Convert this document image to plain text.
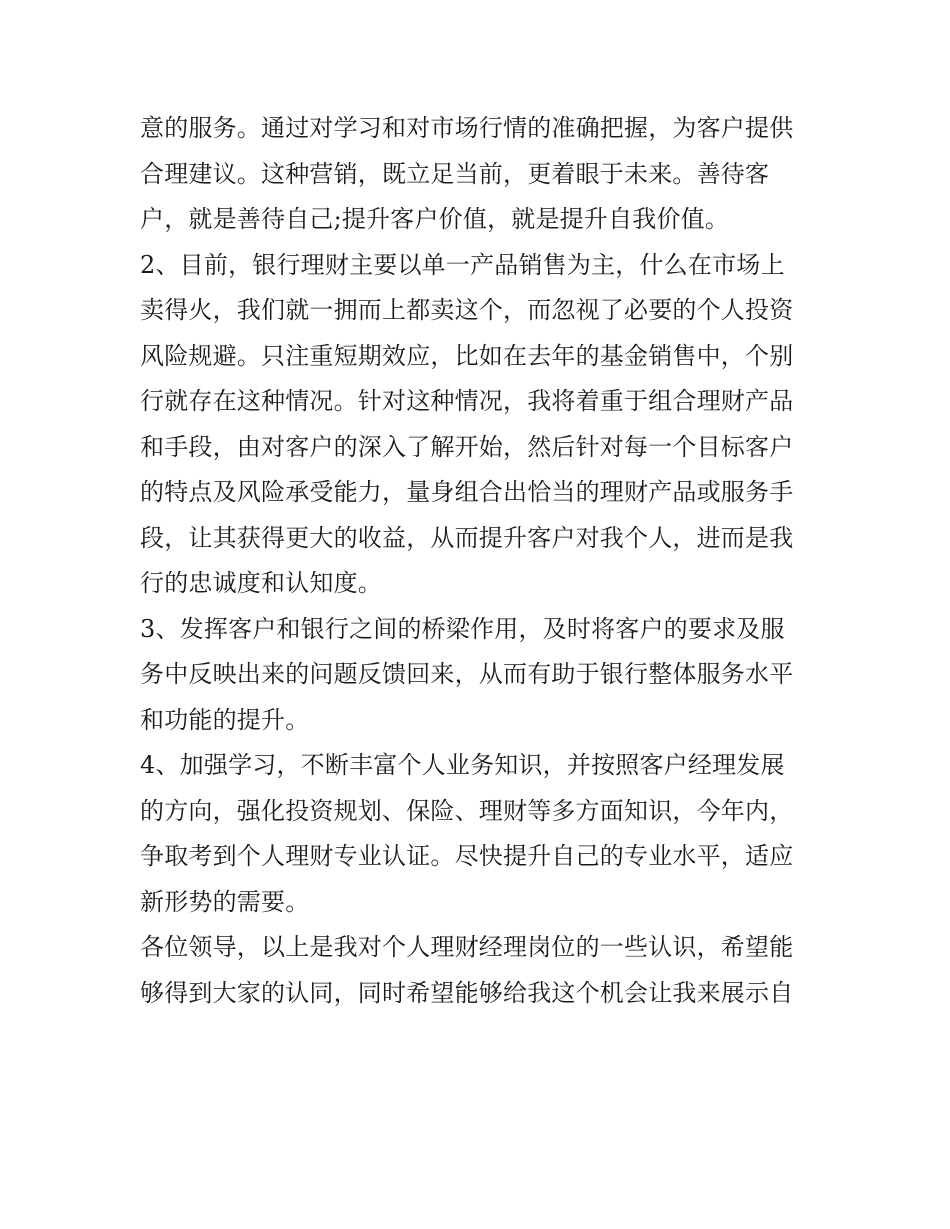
意的服务。通过对学习和对市场行情的准确把握，为客户提供
合理建议。这种营销，既立足当前，更着眼于未来。善待客
户，就是善待自己;提升客户价值，就是提升自我价值。
2、目前，银行理财主要以单一产品销售为主，什么在市场上
卖得火，我们就一拥而上都卖这个，而忽视了必要的个人投资
风险规避。只注重短期效应，比如在去年的基金销售中，个别
行就存在这种情况。针对这种情况，我将着重于组合理财产品
和手段，由对客户的深入了解开始，然后针对每一个目标客户
的特点及风险承受能力，量身组合出恰当的理财产品或服务手
段，让其获得更大的收益，从而提升客户对我个人，进而是我
行的忠诚度和认知度。
3、发挥客户和银行之间的桥梁作用，及时将客户的要求及服
务中反映出来的问题反馈回来，从而有助于银行整体服务水平
和功能的提升。
4、加强学习，不断丰富个人业务知识，并按照客户经理发展
的方向，强化投资规划、保险、理财等多方面知识，今年内，
争取考到个人理财专业认证。尽快提升自己的专业水平，适应
新形势的需要。
各位领导，以上是我对个人理财经理岗位的一些认识，希望能
够得到大家的认同，同时希望能够给我这个机会让我来展示自
